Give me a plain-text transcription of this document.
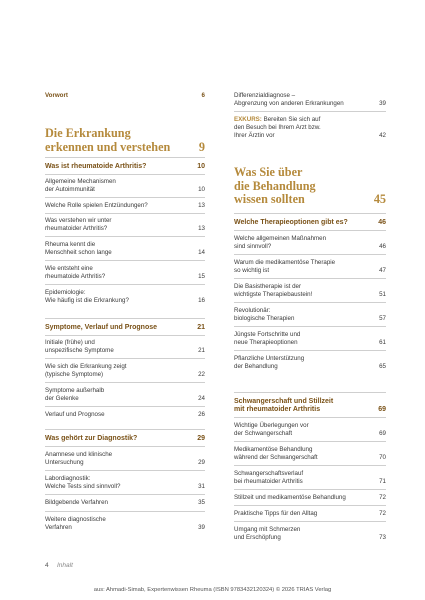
Vorwort	6
Die Erkrankung
erkennen und verstehen	9
Was ist rheumatoide Arthritis?	10
Allgemeine Mechanismen
der Autoimmunität	10
Welche Rolle spielen Entzündungen?	13
Was verstehen wir unter
rheumatoider Arthritis?	13
Rheuma kennt die
Menschheit schon lange	14
Wie entsteht eine
rheumatoide Arthritis?	15
Epidemiologie:
Wie häufig ist die Erkrankung?	16
Symptome, Verlauf und Prognose	21
Initiale (frühe) und
unspezifische Symptome	21
Wie sich die Erkrankung zeigt
(typische Symptome)	22
Symptome außerhalb
der Gelenke	24
Verlauf und Prognose	26
Was gehört zur Diagnostik?	29
Anamnese und klinische
Untersuchung	29
Labordiagnostik:
Welche Tests sind sinnvoll?	31
Bildgebende Verfahren	35
Weitere diagnostische
Verfahren	39
Differenzialdiagnose –
Abgrenzung von anderen Erkrankungen	39
EXKURS: Bereiten Sie sich auf
den Besuch bei Ihrem Arzt bzw.
Ihrer Ärztin vor	42
Was Sie über
die Behandlung
wissen sollten	45
Welche Therapieoptionen gibt es?	46
Welche allgemeinen Maßnahmen
sind sinnvoll?	46
Warum die medikamentöse Therapie
so wichtig ist	47
Die Basistherapie ist der
wichtigste Therapiebaustein!	51
Revolutionär:
biologische Therapien	57
Jüngste Fortschritte und
neue Therapieoptionen	61
Pflanzliche Unterstützung
der Behandlung	65
Schwangerschaft und Stillzeit
mit rheumatoider Arthritis	69
Wichtige Überlegungen vor
der Schwangerschaft	69
Medikamentöse Behandlung
während der Schwangerschaft	70
Schwangerschaftsverlauf
bei rheumatoider Arthritis	71
Stillzeit und medikamentöse Behandlung	72
Praktische Tipps für den Alltag	72
Umgang mit Schmerzen
und Erschöpfung	73
4 Inhalt
aus: Ahmadi-Simab, Expertenwissen Rheuma (ISBN 9783432120324) © 2026 TRIAS Verlag
